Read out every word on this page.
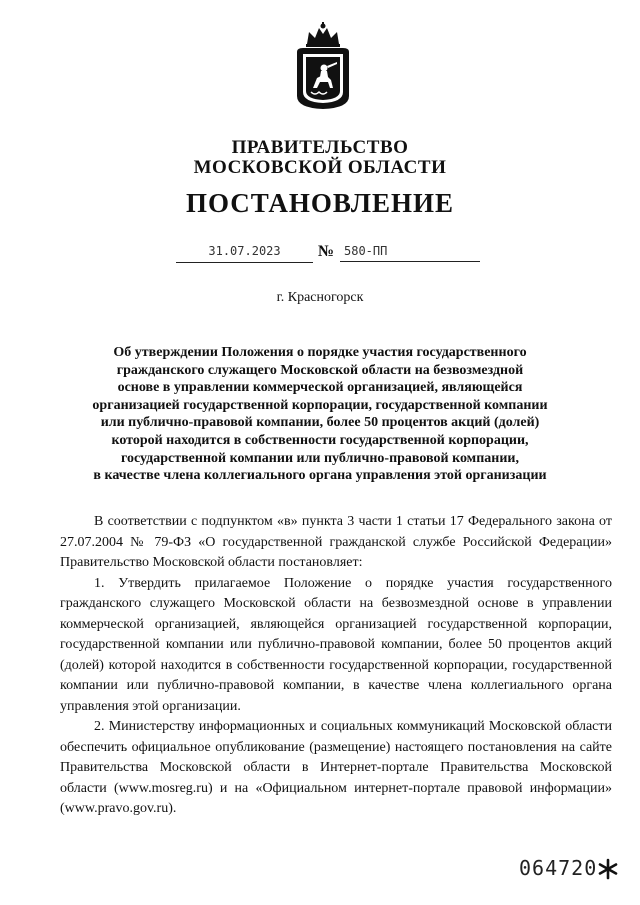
ПРАВИТЕЛЬСТВО
МОСКОВСКОЙ ОБЛАСТИ
ПОСТАНОВЛЕНИЕ
31.07.2023	№ 580-ПП
г. Красногорск
Об утверждении Положения о порядке участия государственного
гражданского служащего Московской области на безвозмездной
основе в управлении коммерческой организацией, являющейся
организацией государственной корпорации, государственной компании
или публично-правовой компании, более 50 процентов акций (долей)
которой находится в собственности государственной корпорации,
государственной компании или публично-правовой компании,
в качестве члена коллегиального органа управления этой организации

В соответствии с подпунктом «в» пункта 3 части 1 статьи 17 Федерального закона от 27.07.2004 № 79-ФЗ «О государственной гражданской службе Российской Федерации» Правительство Московской области постановляет:

1. Утвердить прилагаемое Положение о порядке участия государственного гражданского служащего Московской области на безвозмездной основе в управлении коммерческой организацией, являющейся организацией государственной корпорации, государственной компании или публично-правовой компании, более 50 процентов акций (долей) которой находится в собственности государственной корпорации, государственной компании или публично-правовой компании, в качестве члена коллегиального органа управления этой организации.

2. Министерству информационных и социальных коммуникаций Московской области обеспечить официальное опубликование (размещение) настоящего постановления на сайте Правительства Московской области в Интернет-портале Правительства Московской области (www.mosreg.ru) и на «Официальном интернет-портале правовой информации» (www.pravo.gov.ru).

064720
